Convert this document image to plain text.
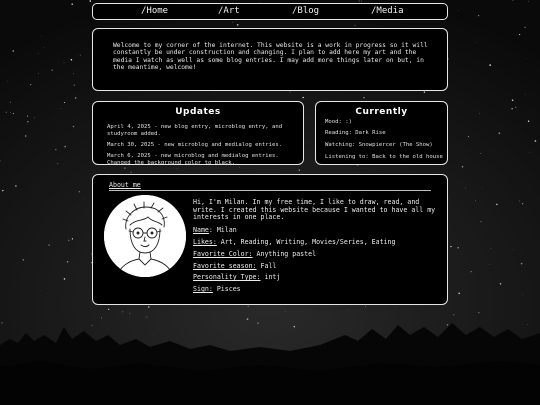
/Home	/Art	/Blog	/Media

Welcome to my corner of the internet. This website is a work in progress so it will constantly be under construction and changing. I plan to add here my art and the media I watch as well as some blog entries. I may add more things later on but, in the meantime, welcome!

Updates

April 4, 2025 - new blog entry, microblog entry, and studyroom added.

March 30, 2025 - new microblog and medialog entries.

March 6, 2025 - new microblog and medialog entries. Changed the background color to black.

Currently

Mood: :)

Reading: Dark Rise

Watching: Snowpiercer (The Show)

Listening to: Back to the old house

About me

Hi, I'm Milan. In my free time, I like to draw, read, and write. I created this website because I wanted to have all my interests in one place.

Name: Milan
Likes: Art, Reading, Writing, Movies/Series, Eating
Favorite Color: Anything pastel
Favorite season: Fall
Personality Type: intj
Sign: Pisces
